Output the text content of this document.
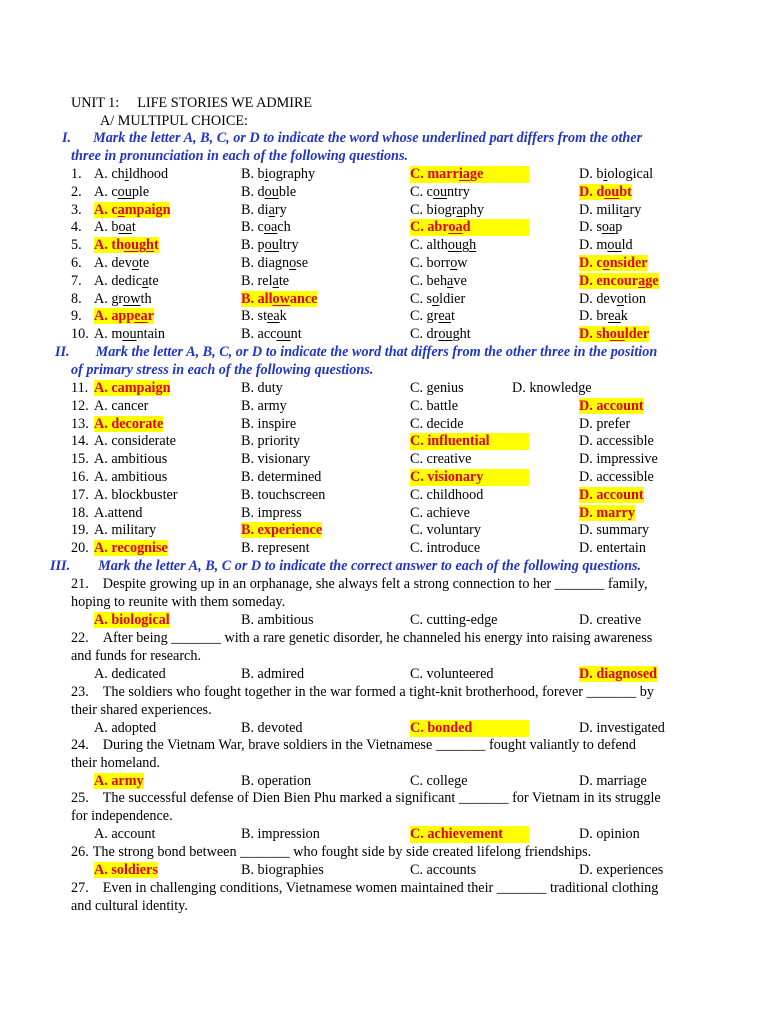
UNIT 1: LIFE STORIES WE ADMIRE
A/ MULTIPUL CHOICE:
I. Mark the letter A, B, C, or D to indicate the word whose underlined part differs from the other
three in pronunciation in each of the following questions.
1. A. childhood	B. biography	C. marriage	D. biological
2. A. couple	B. double	C. country	D. doubt
3. A. campaign	B. diary	C. biography	D. military
4. A. boat	B. coach	C. abroad	D. soap
5. A. thought	B. poultry	C. although	D. mould
6. A. devote	B. diagnose	C. borrow	D. consider
7. A. dedicate	B. relate	C. behave	D. encourage
8. A. growth	B. allowance	C. soldier	D. devotion
9. A. appear	B. steak	C. great	D. break
10. A. mountain	B. account	C. drought	D. shoulder
II. Mark the letter A, B, C, or D to indicate the word that differs from the other three in the position
of primary stress in each of the following questions.
11. A. campaign	B. duty	C. genius	D. knowledge
12. A. cancer	B. army	C. battle	D. account
13. A. decorate	B. inspire	C. decide	D. prefer
14. A. considerate	B. priority	C. influential	D. accessible
15. A. ambitious	B. visionary	C. creative	D. impressive
16. A. ambitious	B. determined	C. visionary	D. accessible
17. A. blockbuster	B. touchscreen	C. childhood	D. account
18. A.attend	B. impress	C. achieve	D. marry
19. A. military	B. experience	C. voluntary	D. summary
20. A. recognise	B. represent	C. introduce	D. entertain
III. Mark the letter A, B, C or D to indicate the correct answer to each of the following questions.
21. Despite growing up in an orphanage, she always felt a strong connection to her _______ family,
hoping to reunite with them someday.
A. biological	B. ambitious	C. cutting-edge	D. creative
22. After being _______ with a rare genetic disorder, he channeled his energy into raising awareness
and funds for research.
A. dedicated	B. admired	C. volunteered	D. diagnosed
23. The soldiers who fought together in the war formed a tight-knit brotherhood, forever _______ by
their shared experiences.
A. adopted	B. devoted	C. bonded	D. investigated
24. During the Vietnam War, brave soldiers in the Vietnamese _______ fought valiantly to defend
their homeland.
A. army	B. operation	C. college	D. marriage
25. The successful defense of Dien Bien Phu marked a significant _______ for Vietnam in its struggle
for independence.
A. account	B. impression	C. achievement	D. opinion
26. The strong bond between _______ who fought side by side created lifelong friendships.
A. soldiers	B. biographies	C. accounts	D. experiences
27. Even in challenging conditions, Vietnamese women maintained their _______ traditional clothing
and cultural identity.
